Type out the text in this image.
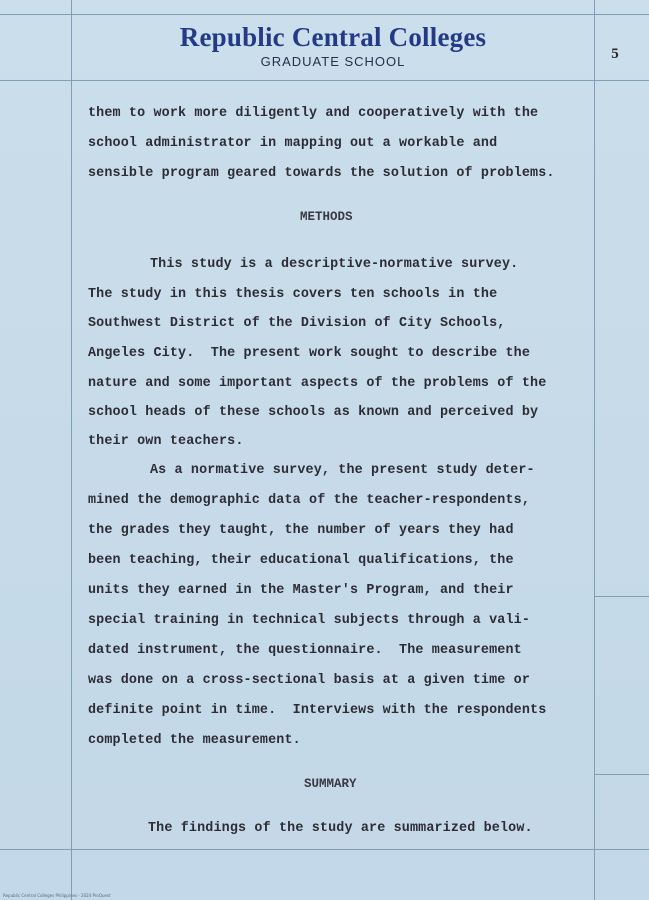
Republic Central Colleges
GRADUATE SCHOOL	5
them to work more diligently and cooperatively with the
school administrator in mapping out a workable and
sensible program geared towards the solution of problems.
METHODS
This study is a descriptive-normative survey.
The study in this thesis covers ten schools in the
Southwest District of the Division of City Schools,
Angeles City.  The present work sought to describe the
nature and some important aspects of the problems of the
school heads of these schools as known and perceived by
their own teachers.
As a normative survey, the present study deter-
mined the demographic data of the teacher-respondents,
the grades they taught, the number of years they had
been teaching, their educational qualifications, the
units they earned in the Master's Program, and their
special training in technical subjects through a vali-
dated instrument, the questionnaire.  The measurement
was done on a cross-sectional basis at a given time or
definite point in time.  Interviews with the respondents
completed the measurement.
SUMMARY
The findings of the study are summarized below.
Republic Central Colleges Philippines - 2024 ProQuest
